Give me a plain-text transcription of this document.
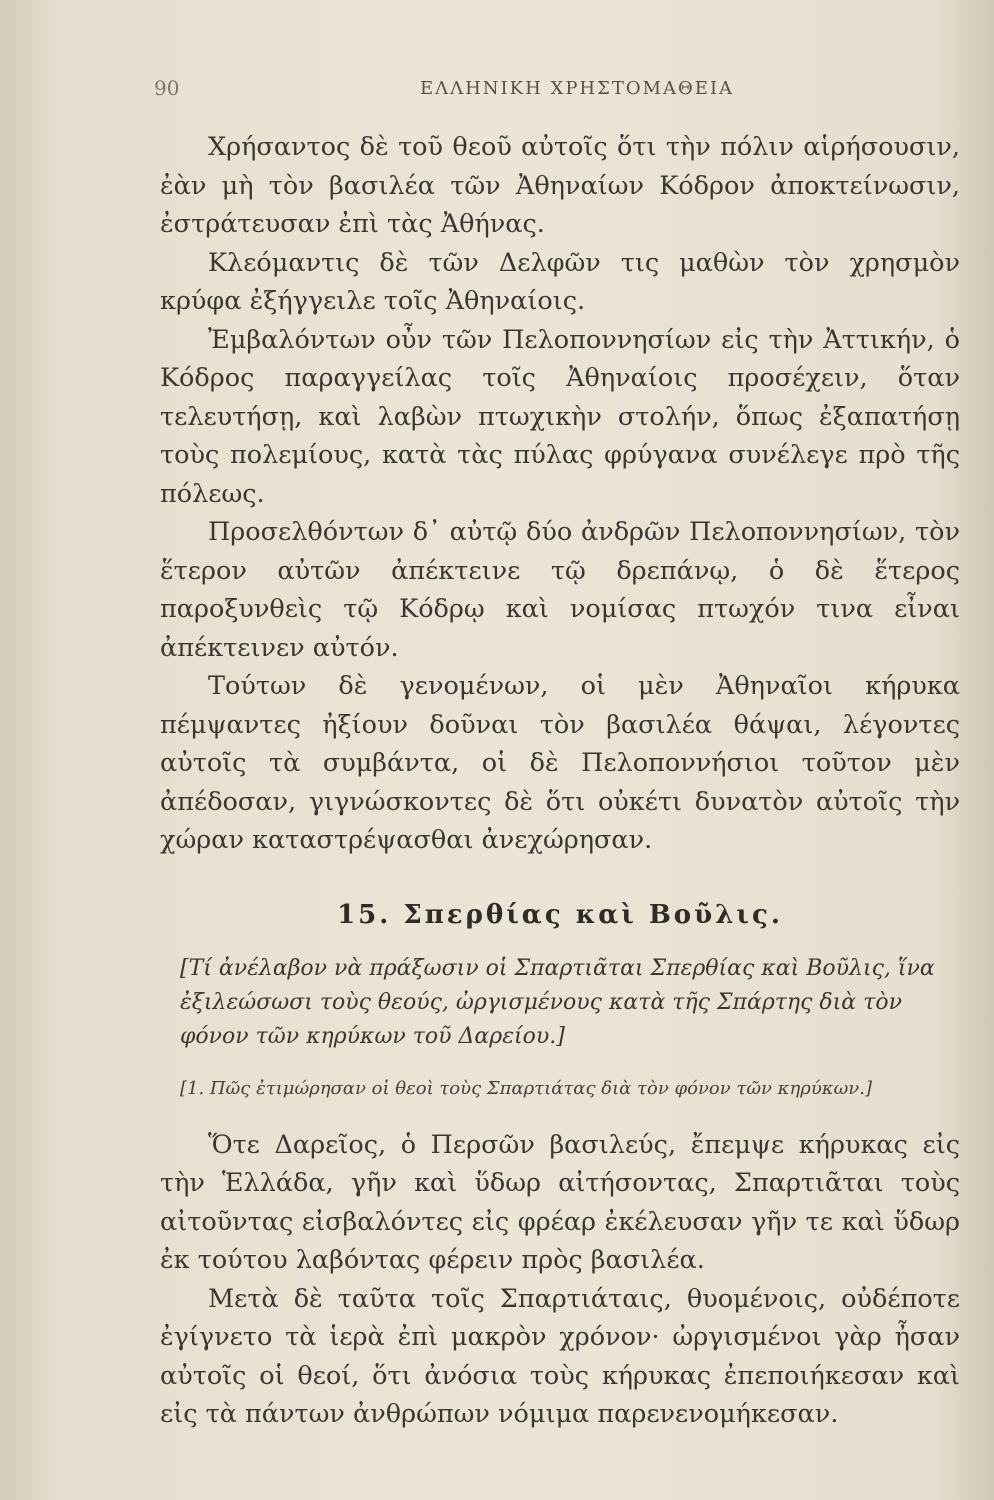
90	ΕΛΛΗΝΙΚΗ ΧΡΗΣΤΟΜΑΘΕΙΑ

Χρήσαντος δὲ τοῦ θεοῦ αὐτοῖς ὅτι τὴν πόλιν αἱρήσουσιν, ἐὰν μὴ τὸν βασιλέα τῶν Ἀθηναίων Κόδρον ἀποκτείνωσιν, ἐστράτευσαν ἐπὶ τὰς Ἀθήνας.

Κλεόμαντις δὲ τῶν Δελφῶν τις μαθὼν τὸν χρησμὸν κρύφα ἐξήγγειλε τοῖς Ἀθηναίοις.

Ἐμβαλόντων οὖν τῶν Πελοποννησίων εἰς τὴν Ἀττικήν, ὁ Κόδρος παραγγείλας τοῖς Ἀθηναίοις προσέχειν, ὅταν τελευτήσῃ, καὶ λαβὼν πτωχικὴν στολήν, ὅπως ἐξαπατήσῃ τοὺς πολεμίους, κατὰ τὰς πύλας φρύγανα συνέλεγε πρὸ τῆς πόλεως.

Προσελθόντων δ᾽ αὐτῷ δύο ἀνδρῶν Πελοποννησίων, τὸν ἕτερον αὐτῶν ἀπέκτεινε τῷ δρεπάνῳ, ὁ δὲ ἕτερος παροξυνθεὶς τῷ Κόδρῳ καὶ νομίσας πτωχόν τινα εἶναι ἀπέκτεινεν αὐτόν.

Τούτων δὲ γενομένων, οἱ μὲν Ἀθηναῖοι κήρυκα πέμψαντες ἠξίουν δοῦναι τὸν βασιλέα θάψαι, λέγοντες αὐτοῖς τὰ συμβάντα, οἱ δὲ Πελοποννήσιοι τοῦτον μὲν ἀπέδοσαν, γιγνώσκοντες δὲ ὅτι οὐκέτι δυνατὸν αὐτοῖς τὴν χώραν καταστρέψασθαι ἀνεχώρησαν.

15. Σπερθίας καὶ Βοῦλις.
[Τί ἀνέλαβον νὰ πράξωσιν οἱ Σπαρτιᾶται Σπερθίας καὶ Βοῦλις, ἵνα ἐξιλεώσωσι τοὺς θεούς, ὠργισμένους κατὰ τῆς Σπάρτης διὰ τὸν φόνον τῶν κηρύκων τοῦ Δαρείου.]
[1. Πῶς ἐτιμώρησαν οἱ θεοὶ τοὺς Σπαρτιάτας διὰ τὸν φόνον τῶν κηρύκων.]

Ὅτε Δαρεῖος, ὁ Περσῶν βασιλεύς, ἔπεμψε κήρυκας εἰς τὴν Ἑλλάδα, γῆν καὶ ὕδωρ αἰτήσοντας, Σπαρτιᾶται τοὺς αἰτοῦντας εἰσβαλόντες εἰς φρέαρ ἐκέλευσαν γῆν τε καὶ ὕδωρ ἐκ τούτου λαβόντας φέρειν πρὸς βασιλέα.

Μετὰ δὲ ταῦτα τοῖς Σπαρτιάταις, θυομένοις, οὐδέποτε ἐγίγνετο τὰ ἱερὰ ἐπὶ μακρὸν χρόνον· ὠργισμένοι γὰρ ἦσαν αὐτοῖς οἱ θεοί, ὅτι ἀνόσια τοὺς κήρυκας ἐπεποιήκεσαν καὶ εἰς τὰ πάντων ἀνθρώπων νόμιμα παρενενομήκεσαν.
